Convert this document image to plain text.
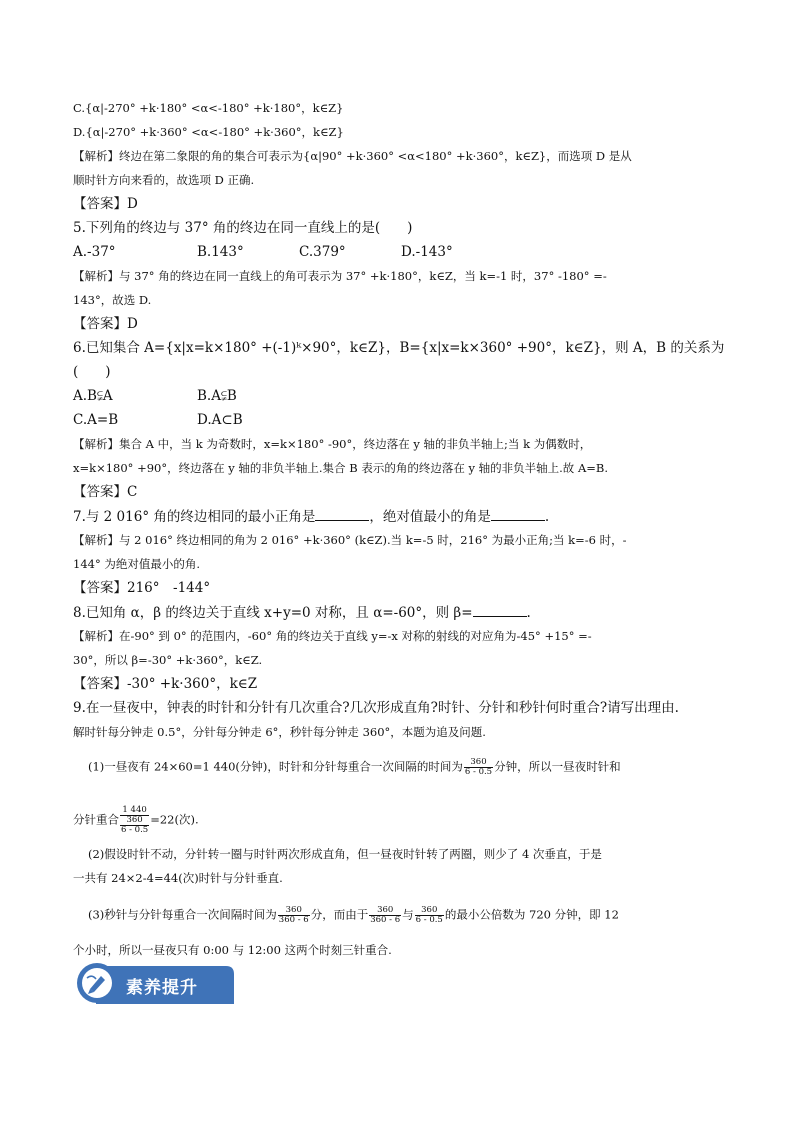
C.{α|-270° +k·180° <α<-180° +k·180°，k∈Z}
D.{α|-270° +k·360° <α<-180° +k·360°，k∈Z}
【解析】终边在第二象限的角的集合可表示为{α|90° +k·360° <α<180° +k·360°，k∈Z}，而选项 D 是从
顺时针方向来看的，故选项 D 正确.
【答案】D
5.下列角的终边与 37° 角的终边在同一直线上的是(　　)
A.-37°	B.143°	C.379°	D.-143°
【解析】与 37° 角的终边在同一直线上的角可表示为 37° +k·180°，k∈Z，当 k=-1 时，37° -180° =-
143°，故选 D.
【答案】D
6.已知集合 A={x|x=k×180° +(-1)ᵏ×90°，k∈Z}，B={x|x=k×360° +90°，k∈Z}，则 A，B 的关系为
(　　)
A.B⫋A	B.A⫋B
C.A=B	D.A⊂B
【解析】集合 A 中，当 k 为奇数时，x=k×180° -90°，终边落在 y 轴的非负半轴上;当 k 为偶数时，
x=k×180° +90°，终边落在 y 轴的非负半轴上.集合 B 表示的角的终边落在 y 轴的非负半轴上.故 A=B.
【答案】C
7.与 2 016° 角的终边相同的最小正角是	，绝对值最小的角是	.
【解析】与 2 016° 终边相同的角为 2 016° +k·360° (k∈Z).当 k=-5 时，216° 为最小正角;当 k=-6 时，-
144° 为绝对值最小的角.
【答案】216°　-144°
8.已知角 α，β 的终边关于直线 x+y=0 对称，且 α=-60°，则 β=	.
【解析】在-90° 到 0° 的范围内，-60° 角的终边关于直线 y=-x 对称的射线的对应角为-45° +15° =-
30°，所以 β=-30° +k·360°，k∈Z.
【答案】-30° +k·360°，k∈Z
9.在一昼夜中，钟表的时针和分针有几次重合?几次形成直角?时针、分针和秒针何时重合?请写出理由.
解时针每分钟走 0.5°，分针每分钟走 6°，秒针每分钟走 360°，本题为追及问题.
(1)一昼夜有 24×60=1 440(分钟)，时针和分针每重合一次间隔的时间为 $\frac{360}{6 - 0.5}$ 分钟，所以一昼夜时针和
分针重合
1 440
360
6 - 0.5
=22(次).
(2)假设时针不动，分针转一圈与时针两次形成直角，但一昼夜时针转了两圈，则少了 4 次垂直，于是
一共有 24×2-4=44(次)时针与分针垂直.
(3)秒针与分针每重合一次间隔时间为 $\frac{360}{360 - 6}$ 分，而由于 $\frac{360}{360 - 6}$ 与 $\frac{360}{6 - 0.5}$ 的最小公倍数为 720 分钟，即 12
个小时，所以一昼夜只有 0:00 与 12:00 这两个时刻三针重合.
素养提升
